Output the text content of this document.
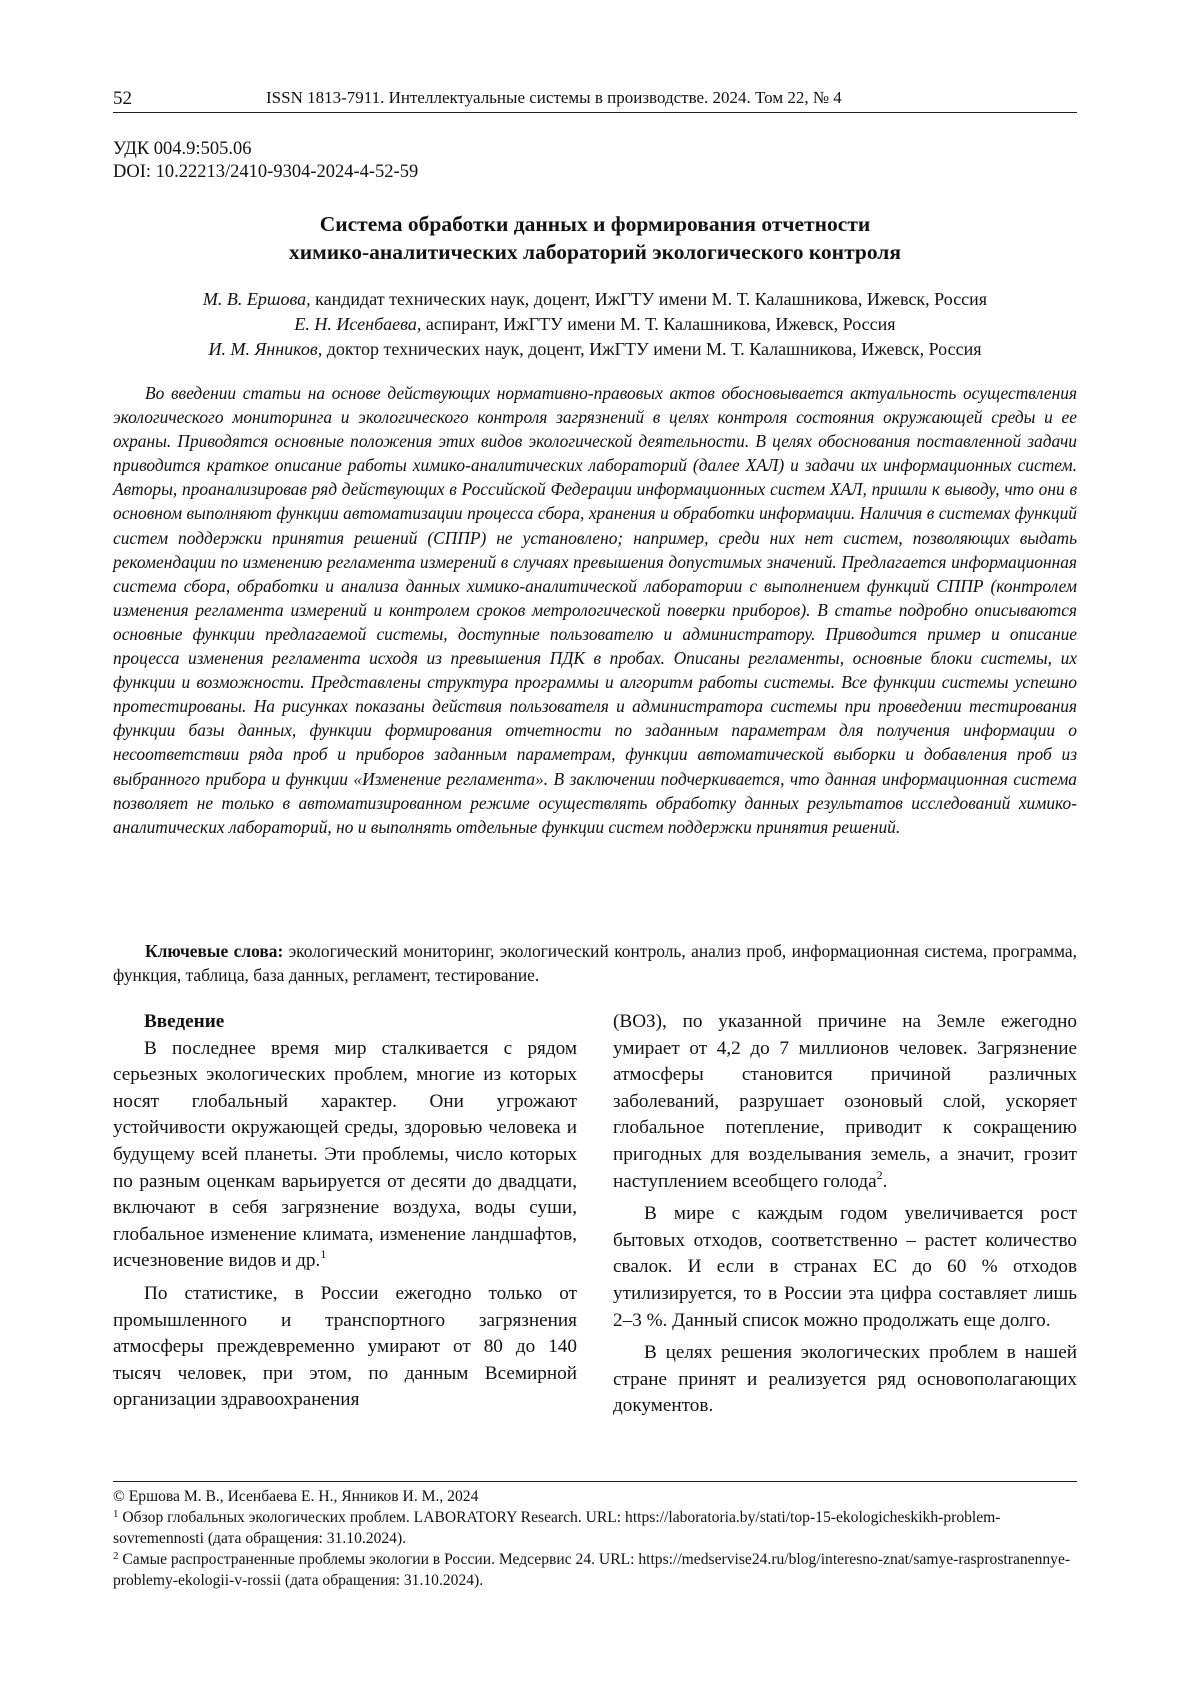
52	ISSN 1813-7911. Интеллектуальные системы в производстве. 2024. Том 22, № 4
УДК 004.9:505.06
DOI: 10.22213/2410-9304-2024-4-52-59
Система обработки данных и формирования отчетности
химико-аналитических лабораторий экологического контроля
М. В. Ершова, кандидат технических наук, доцент, ИжГТУ имени М. Т. Калашникова, Ижевск, Россия
Е. Н. Исенбаева, аспирант, ИжГТУ имени М. Т. Калашникова, Ижевск, Россия
И. М. Янников, доктор технических наук, доцент, ИжГТУ имени М. Т. Калашникова, Ижевск, Россия
Во введении статьи на основе действующих нормативно-правовых актов обосновывается актуальность осуществления экологического мониторинга и экологического контроля загрязнений в целях контроля состояния окружающей среды и ее охраны. Приводятся основные положения этих видов экологической деятельности. В целях обоснования поставленной задачи приводится краткое описание работы химико-аналитических лабораторий (далее ХАЛ) и задачи их информационных систем. Авторы, проанализировав ряд действующих в Российской Федерации информационных систем ХАЛ, пришли к выводу, что они в основном выполняют функции автоматизации процесса сбора, хранения и обработки информации. Наличия в системах функций систем поддержки принятия решений (СППР) не установлено; например, среди них нет систем, позволяющих выдать рекомендации по изменению регламента измерений в случаях превышения допустимых значений. Предлагается информационная система сбора, обработки и анализа данных химико-аналитической лаборатории с выполнением функций СППР (контролем изменения регламента измерений и контролем сроков метрологической поверки приборов). В статье подробно описываются основные функции предлагаемой системы, доступные пользователю и администратору. Приводится пример и описание процесса изменения регламента исходя из превышения ПДК в пробах. Описаны регламенты, основные блоки системы, их функции и возможности. Представлены структура программы и алгоритм работы системы. Все функции системы успешно протестированы. На рисунках показаны действия пользователя и администратора системы при проведении тестирования функции базы данных, функции формирования отчетности по заданным параметрам для получения информации о несоответствии ряда проб и приборов заданным параметрам, функции автоматической выборки и добавления проб из выбранного прибора и функции «Изменение регламента». В заключении подчеркивается, что данная информационная система позволяет не только в автоматизированном режиме осуществлять обработку данных результатов исследований химико-аналитических лабораторий, но и выполнять отдельные функции систем поддержки принятия решений.
Ключевые слова: экологический мониторинг, экологический контроль, анализ проб, информационная система, программа, функция, таблица, база данных, регламент, тестирование.

Введение

В последнее время мир сталкивается с рядом серьезных экологических проблем, многие из которых носят глобальный характер. Они угрожают устойчивости окружающей среды, здоровью человека и будущему всей планеты. Эти проблемы, число которых по разным оценкам варьируется от десяти до двадцати, включают в себя загрязнение воздуха, воды суши, глобальное изменение климата, изменение ландшафтов, исчезновение видов и др.$^1$

По статистике, в России ежегодно только от промышленного и транспортного загрязнения атмосферы преждевременно умирают от 80 до 140 тысяч человек, при этом, по данным Всемирной организации здравоохранения

(ВОЗ), по указанной причине на Земле ежегодно умирает от 4,2 до 7 миллионов человек. Загрязнение атмосферы становится причиной различных заболеваний, разрушает озоновый слой, ускоряет глобальное потепление, приводит к сокращению пригодных для возделывания земель, а значит, грозит наступлением всеобщего голода$^2$.

В мире с каждым годом увеличивается рост бытовых отходов, соответственно – растет количество свалок. И если в странах ЕС до 60 % отходов утилизируется, то в России эта цифра составляет лишь 2–3 %. Данный список можно продолжать еще долго.

В целях решения экологических проблем в нашей стране принят и реализуется ряд основополагающих документов.

© Ершова М. В., Исенбаева Е. Н., Янников И. М., 2024
$^1$ Обзор глобальных экологических проблем. LABORATORY Research. URL: https://laboratoria.by/stati/top-15-ekologicheskikh-problem-sovremennosti (дата обращения: 31.10.2024).
$^2$ Самые распространенные проблемы экологии в России. Медсервис 24. URL: https://medservise24.ru/blog/interesno-znat/samye-rasprostranennye-problemy-ekologii-v-rossii (дата обращения: 31.10.2024).
